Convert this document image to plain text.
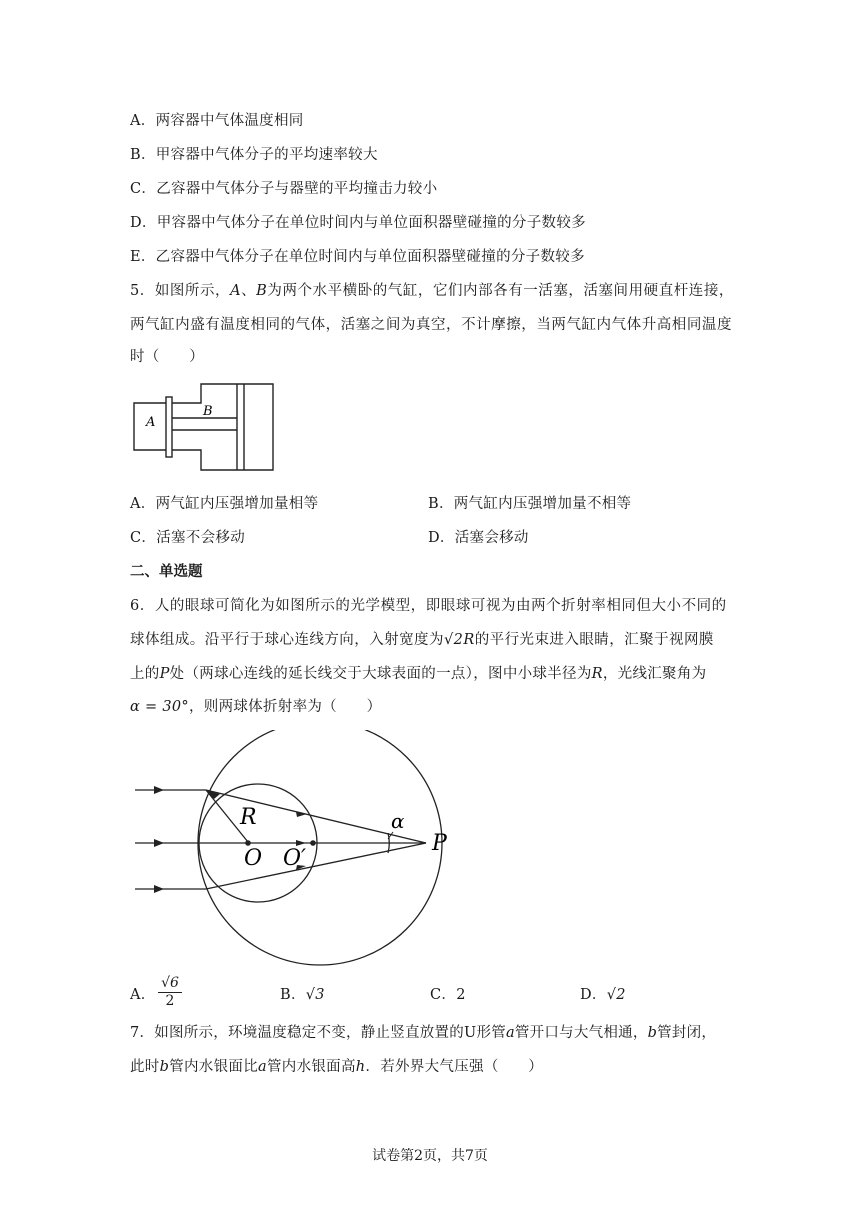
A．两容器中气体温度相同
B．甲容器中气体分子的平均速率较大
C．乙容器中气体分子与器壁的平均撞击力较小
D．甲容器中气体分子在单位时间内与单位面积器壁碰撞的分子数较多
E．乙容器中气体分子在单位时间内与单位面积器壁碰撞的分子数较多
5．如图所示，A、B为两个水平横卧的气缸，它们内部各有一活塞，活塞间用硬直杆连接，
两气缸内盛有温度相同的气体，活塞之间为真空，不计摩擦，当两气缸内气体升高相同温度
时（　　）
A
B
A．两气缸内压强增加量相等	B．两气缸内压强增加量不相等
C．活塞不会移动	D．活塞会移动
二、单选题
6．人的眼球可简化为如图所示的光学模型，即眼球可视为由两个折射率相同但大小不同的
球体组成。沿平行于球心连线方向，入射宽度为√2R的平行光束进入眼睛，汇聚于视网膜
上的P处（两球心连线的延长线交于大球表面的一点），图中小球半径为R，光线汇聚角为
α = 30°，则两球体折射率为（　　）
R
O O′
α
P
A．
√6
2	B．√3	C．2	D．√2
7．如图所示，环境温度稳定不变，静止竖直放置的U形管a管开口与大气相通，b管封闭，
此时b管内水银面比a管内水银面高h．若外界大气压强（　　）
试卷第2页，共7页
